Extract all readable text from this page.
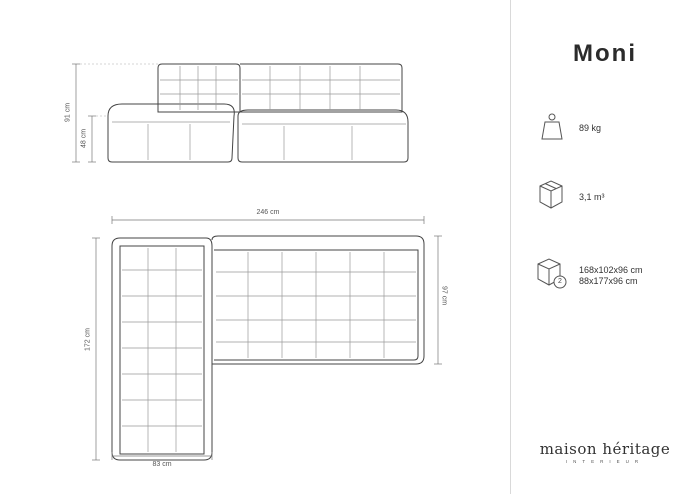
91 cm
48 cm
246 cm
172 cm
97 cm
83 cm
Moni
89 kg
3,1 m³
2
168x102x96 cm
88x177x96 cm
maison héritage
INTERIEUR
